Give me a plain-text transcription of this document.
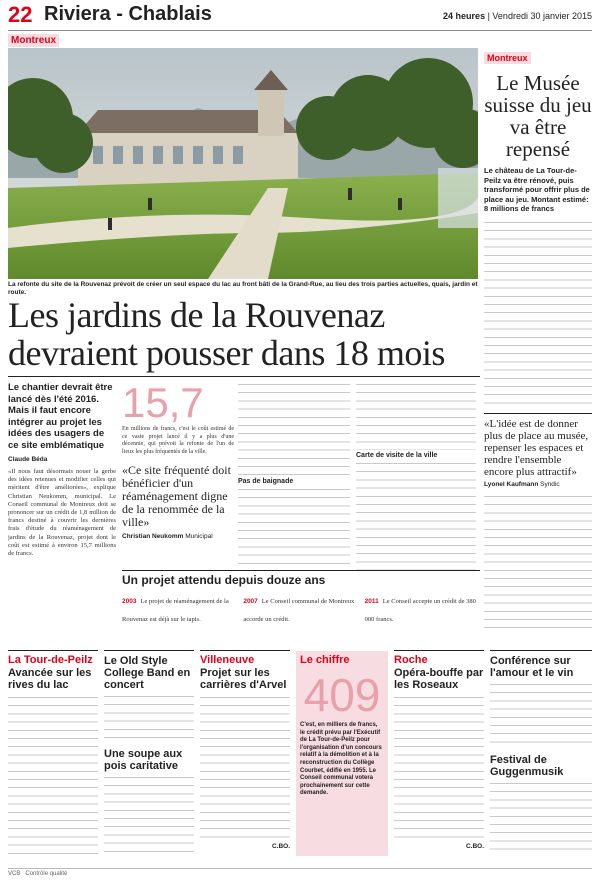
22 Riviera - Chablais	24 heures | Vendredi 30 janvier 2015
Montreux
La refonte du site de la Rouvenaz prévoit de créer un seul espace du lac au front bâti de la Grand-Rue, au lieu des trois parties actuelles, quais, jardin et route.
Les jardins de la Rouvenaz devraient pousser dans 18 mois
Le chantier devrait être lancé dès l'été 2016. Mais il faut encore intégrer au projet les idées des usagers de ce site emblématique
Claude Béda
«Il nous faut désormais nouer la gerbe des idées retenues et modifier celles qui méritent d'être améliorées», explique Christian Neukomm, municipal. Le Conseil communal de Montreux doit se prononcer sur un crédit de 1,8 million de francs destiné à couvrir les dernières frais d'étude du réaménagement de jardins de la Rouvenaz, projet dont le coût est estimé à environ 15,7 millions de francs.
15,7
En millions de francs, c'est le coût estimé de ce vaste projet lancé il y a plus d'une décennie, qui prévoit la refonte de l'un de lieux les plus fréquentés de la ville.
«Ce site fréquenté doit bénéficier d'un réaménagement digne de la renommée de la ville»
Christian Neukomm Municipal
Pas de baignade
Carte de visite de la ville
Un projet attendu depuis douze ans
2003 Le projet de réaménagement de la Rouvenaz est déjà sur le tapis.
2007 Le Conseil communal de Montreux accorde un crédit.
2011 Le Conseil accepte un crédit de 380 000 francs.
Montreux
Le Musée suisse du jeu va être repensé
Le château de La Tour-de-Peilz va être rénové, puis transformé pour offrir plus de place au jeu. Montant estimé: 8 millions de francs
«L'idée est de donner plus de place au musée, repenser les espaces et rendre l'ensemble encore plus attractif»
Lyonel Kaufmann Syndic
La Tour-de-Peilz
Avancée sur les rives du lac
Le Old Style College Band en concert
Une soupe aux pois caritative
Villeneuve
Projet sur les carrières d'Arvel
C.BO.
Le chiffre
409
C'est, en milliers de francs, le crédit prévu par l'Exécutif de La Tour-de-Peilz pour l'organisation d'un concours relatif à la démolition et à la reconstruction du Collège Courbet, édifié en 1955. Le Conseil communal votera prochainement sur cette demande.
Roche
Opéra-bouffe par les Roseaux
C.BO.
Conférence sur l'amour et le vin
Festival de Guggenmusik
VCB Contrôle qualité
